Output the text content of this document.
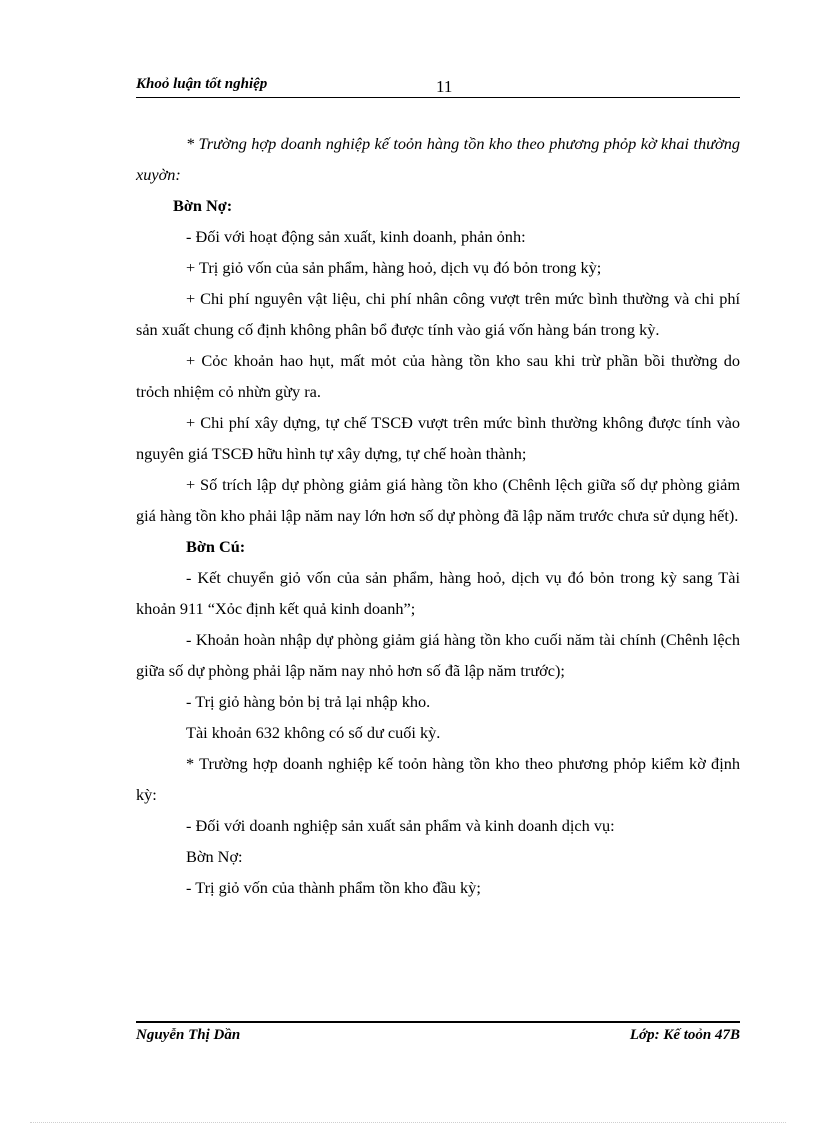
Khoỏ luận tốt nghiệp	11

* Trường hợp doanh nghiệp kế toỏn hàng tồn kho theo phương phỏp kờ khai thường xuyờn:

Bờn Nợ:

- Đối với hoạt động sản xuất, kinh doanh, phản ỏnh:

+ Trị giỏ vốn của sản phẩm, hàng hoỏ, dịch vụ đó bỏn trong kỳ;

+ Chi phí nguyên vật liệu, chi phí nhân công vượt trên mức bình thường và chi phí sản xuất chung cố định không phân bổ được tính vào giá vốn hàng bán trong kỳ.

+ Cỏc khoản hao hụt, mất mỏt của hàng tồn kho sau khi trừ phần bồi thường do trỏch nhiệm cỏ nhừn gừy ra.

+ Chi phí xây dựng, tự chế TSCĐ vượt trên mức bình thường không được tính vào nguyên giá TSCĐ hữu hình tự xây dựng, tự chế hoàn thành;

+ Số trích lập dự phòng giảm giá hàng tồn kho (Chênh lệch giữa số dự phòng giảm giá hàng tồn kho phải lập năm nay lớn hơn số dự phòng đã lập năm trước chưa sử dụng hết).

Bờn Cú:

- Kết chuyển giỏ vốn của sản phẩm, hàng hoỏ, dịch vụ đó bỏn trong kỳ sang Tài khoản 911 “Xỏc định kết quả kinh doanh”;

- Khoản hoàn nhập dự phòng giảm giá hàng tồn kho cuối năm tài chính (Chênh lệch giữa số dự phòng phải lập năm nay nhỏ hơn số đã lập năm trước);

- Trị giỏ hàng bỏn bị trả lại nhập kho.

Tài khoản 632 không có số dư cuối kỳ.

* Trường hợp doanh nghiệp kế toỏn hàng tồn kho theo phương phỏp kiểm kờ định kỳ:

- Đối với doanh nghiệp sản xuất sản phẩm và kinh doanh dịch vụ:

Bờn Nợ:

- Trị giỏ vốn của thành phẩm tồn kho đầu kỳ;

Nguyễn Thị Dần	Lớp: Kế toỏn 47B
